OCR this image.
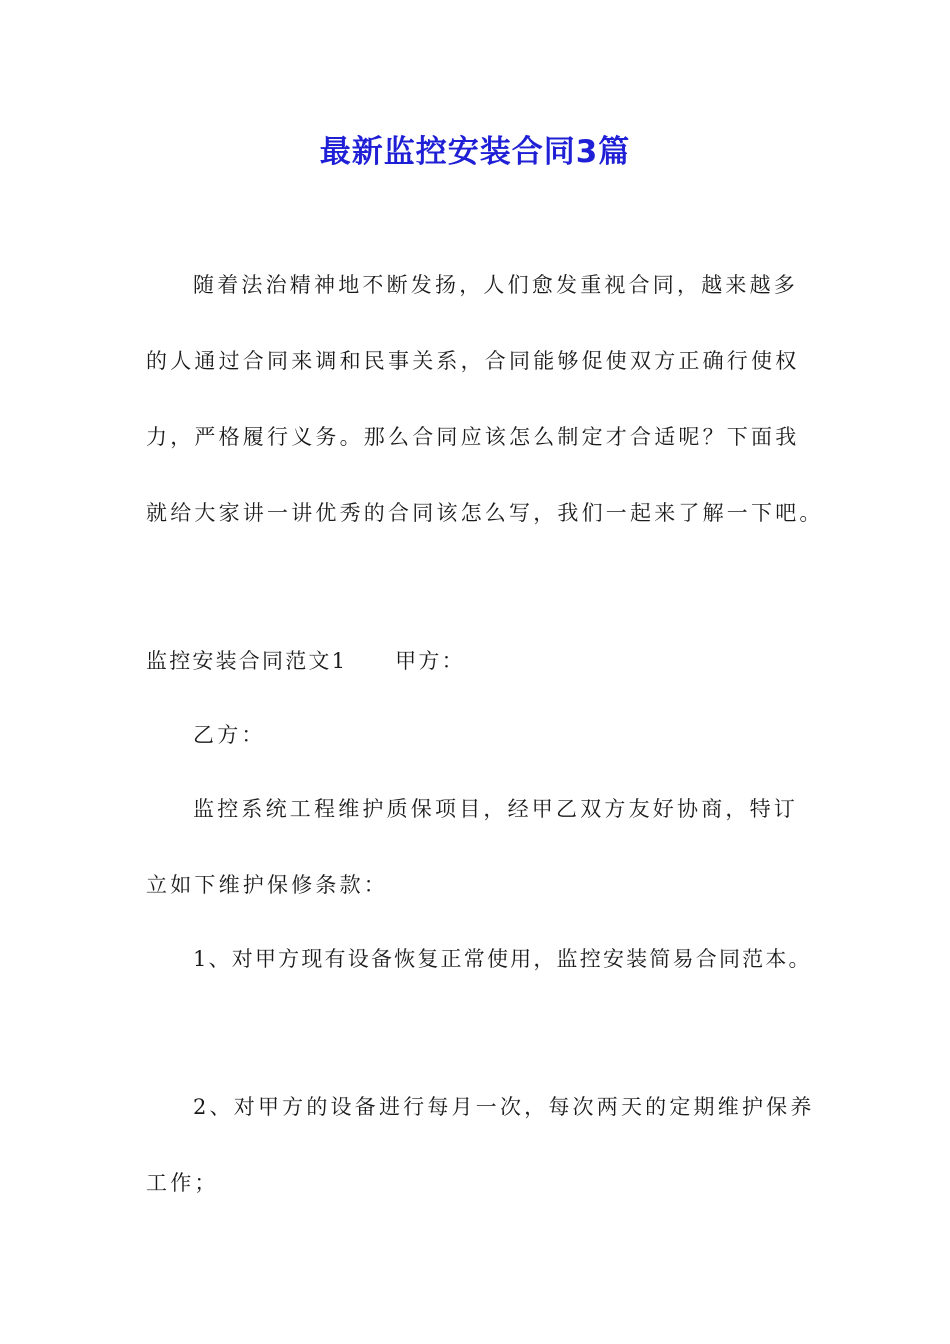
最新监控安装合同3篇
随着法治精神地不断发扬，人们愈发重视合同，越来越多
的人通过合同来调和民事关系，合同能够促使双方正确行使权
力，严格履行义务。那么合同应该怎么制定才合适呢？下面我
就给大家讲一讲优秀的合同该怎么写，我们一起来了解一下吧。
监控安装合同范文1 甲方：
乙方：
监控系统工程维护质保项目，经甲乙双方友好协商，特订
立如下维护保修条款：
1、对甲方现有设备恢复正常使用，监控安装简易合同范本。
2、对甲方的设备进行每月一次，每次两天的定期维护保养
工作；
